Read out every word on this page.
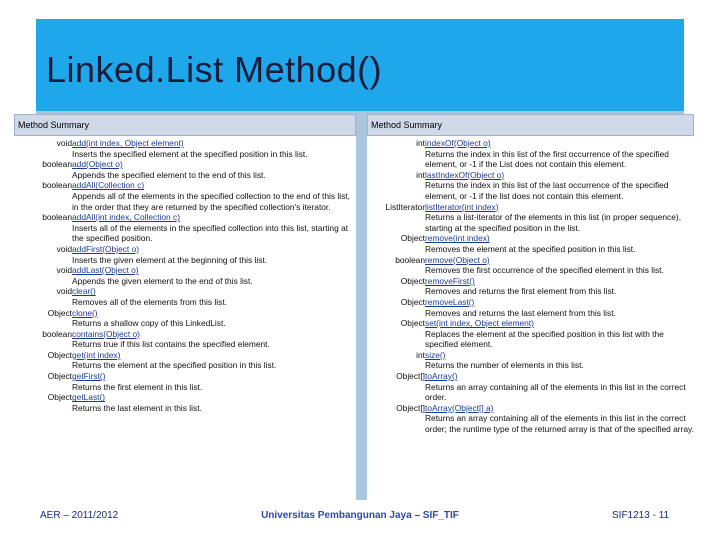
Linked.List Method()
Method Summary
void add(int index, Object element)
Inserts the specified element at the specified position in this list.
boolean add(Object o)
Appends the specified element to the end of this list.
boolean addAll(Collection c)
Appends all of the elements in the specified collection to the end of this list, in the order that they are returned by the specified collection's iterator.
boolean addAll(int index, Collection c)
Inserts all of the elements in the specified collection into this list, starting at the specified position.
void addFirst(Object o)
Inserts the given element at the beginning of this list.
void addLast(Object o)
Appends the given element to the end of this list.
void clear()
Removes all of the elements from this list.
Object clone()
Returns a shallow copy of this LinkedList.
boolean contains(Object o)
Returns true if this list contains the specified element.
Object get(int index)
Returns the element at the specified position in this list.
Object getFirst()
Returns the first element in this list.
Object getLast()
Returns the last element in this list.
Method Summary
int indexOf(Object o)
Returns the index in this list of the first occurrence of the specified element, or -1 if the List does not contain this element.
int lastIndexOf(Object o)
Returns the index in this list of the last occurrence of the specified element, or -1 if the list does not contain this element.
ListIterator listIterator(int index)
Returns a list-iterator of the elements in this list (in proper sequence), starting at the specified position in the list.
Object remove(int index)
Removes the element at the specified position in this list.
boolean remove(Object o)
Removes the first occurrence of the specified element in this list.
Object removeFirst()
Removes and returns the first element from this list.
Object removeLast()
Removes and returns the last element from this list.
Object set(int index, Object element)
Replaces the element at the specified position in this list with the specified element.
int size()
Returns the number of elements in this list.
Object[] toArray()
Returns an array containing all of the elements in this list in the correct order.
Object[] toArray(Object[] a)
Returns an array containing all of the elements in this list in the correct order; the runtime type of the returned array is that of the specified array.
AER – 2011/2012	Universitas Pembangunan Jaya – SIF_TIF	SIF1213 - 11
